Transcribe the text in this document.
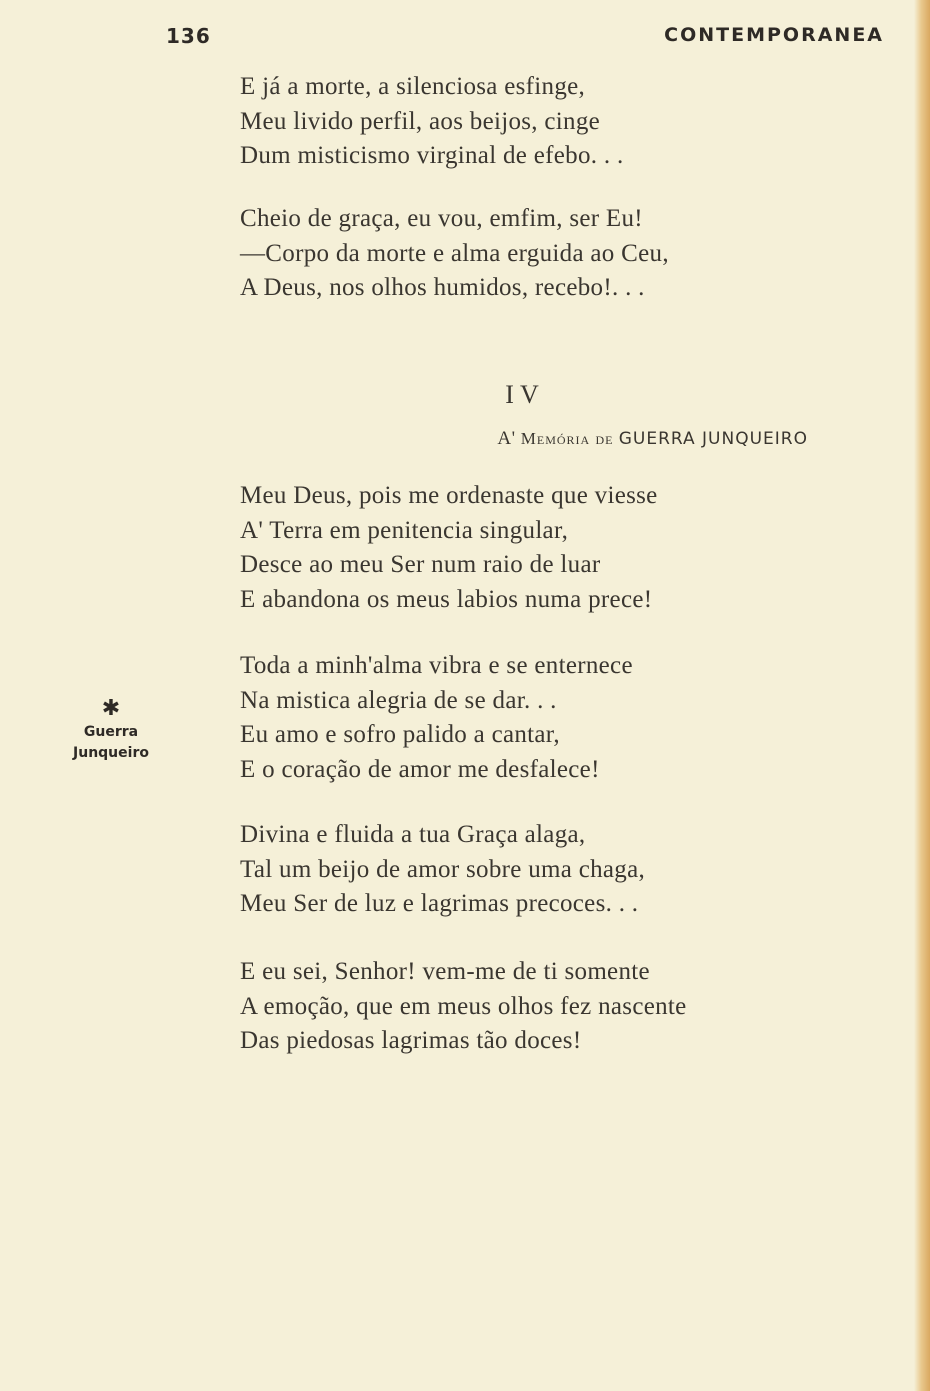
136	CONTEMPORANEA
E já a morte, a silenciosa esfinge,
Meu livido perfil, aos beijos, cinge
Dum misticismo virginal de efebo. . .
Cheio de graça, eu vou, emfim, ser Eu!
—Corpo da morte e alma erguida ao Ceu,
A Deus, nos olhos humidos, recebo!. . .
IV
A' Memória de GUERRA JUNQUEIRO
Meu Deus, pois me ordenaste que viesse
A' Terra em penitencia singular,
Desce ao meu Ser num raio de luar
E abandona os meus labios numa prece!
Toda a minh'alma vibra e se enternece
Na mistica alegria de se dar. . .
Eu amo e sofro palido a cantar,
E o coração de amor me desfalece!
Divina e fluida a tua Graça alaga,
Tal um beijo de amor sobre uma chaga,
Meu Ser de luz e lagrimas precoces. . .
E eu sei, Senhor! vem-me de ti somente
A emoção, que em meus olhos fez nascente
Das piedosas lagrimas tão doces!
✱
Guerra
Junqueiro
